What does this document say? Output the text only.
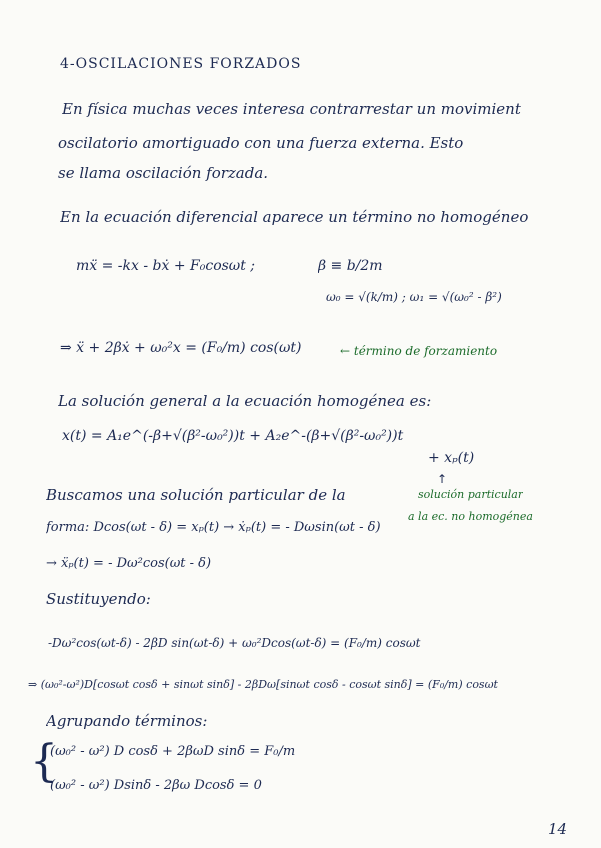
4-OSCILACIONES FORZADOS
En física muchas veces interesa contrarrestar un movimient
oscilatorio amortiguado con una fuerza externa. Esto
se llama oscilación forzada.
En la ecuación diferencial aparece un término no homogéneo
mẍ = -kx - bẋ + F₀cosωt ;	β ≡ b/2m
ω₀ = √(k/m) ; ω₁ = √(ω₀² - β²)
⇒ ẍ + 2βẋ + ω₀²x = (F₀/m) cos(ωt)	← término de forzamiento
La solución general a la ecuación homogénea es:
x(t) = A₁e^(-β+√(β²-ω₀²))t + A₂e^-(β+√(β²-ω₀²))t
+ xₚ(t)
↑
solución particular
a la ec. no homogénea
Buscamos una solución particular de la
forma: Dcos(ωt - δ) = xₚ(t) → ẋₚ(t) = - Dωsin(ωt - δ)
→ ẍₚ(t) = - Dω²cos(ωt - δ)
Sustituyendo:
-Dω²cos(ωt-δ) - 2βD sin(ωt-δ) + ω₀²Dcos(ωt-δ) = (F₀/m) cosωt
⇒ (ω₀²-ω²)D[cosωt cosδ + sinωt sinδ] - 2βDω[sinωt cosδ - cosωt sinδ] = (F₀/m) cosωt
Agrupando términos:
{
(ω₀² - ω²) D cosδ + 2βωD sinδ = F₀/m
(ω₀² - ω²) Dsinδ - 2βω Dcosδ = 0
14
